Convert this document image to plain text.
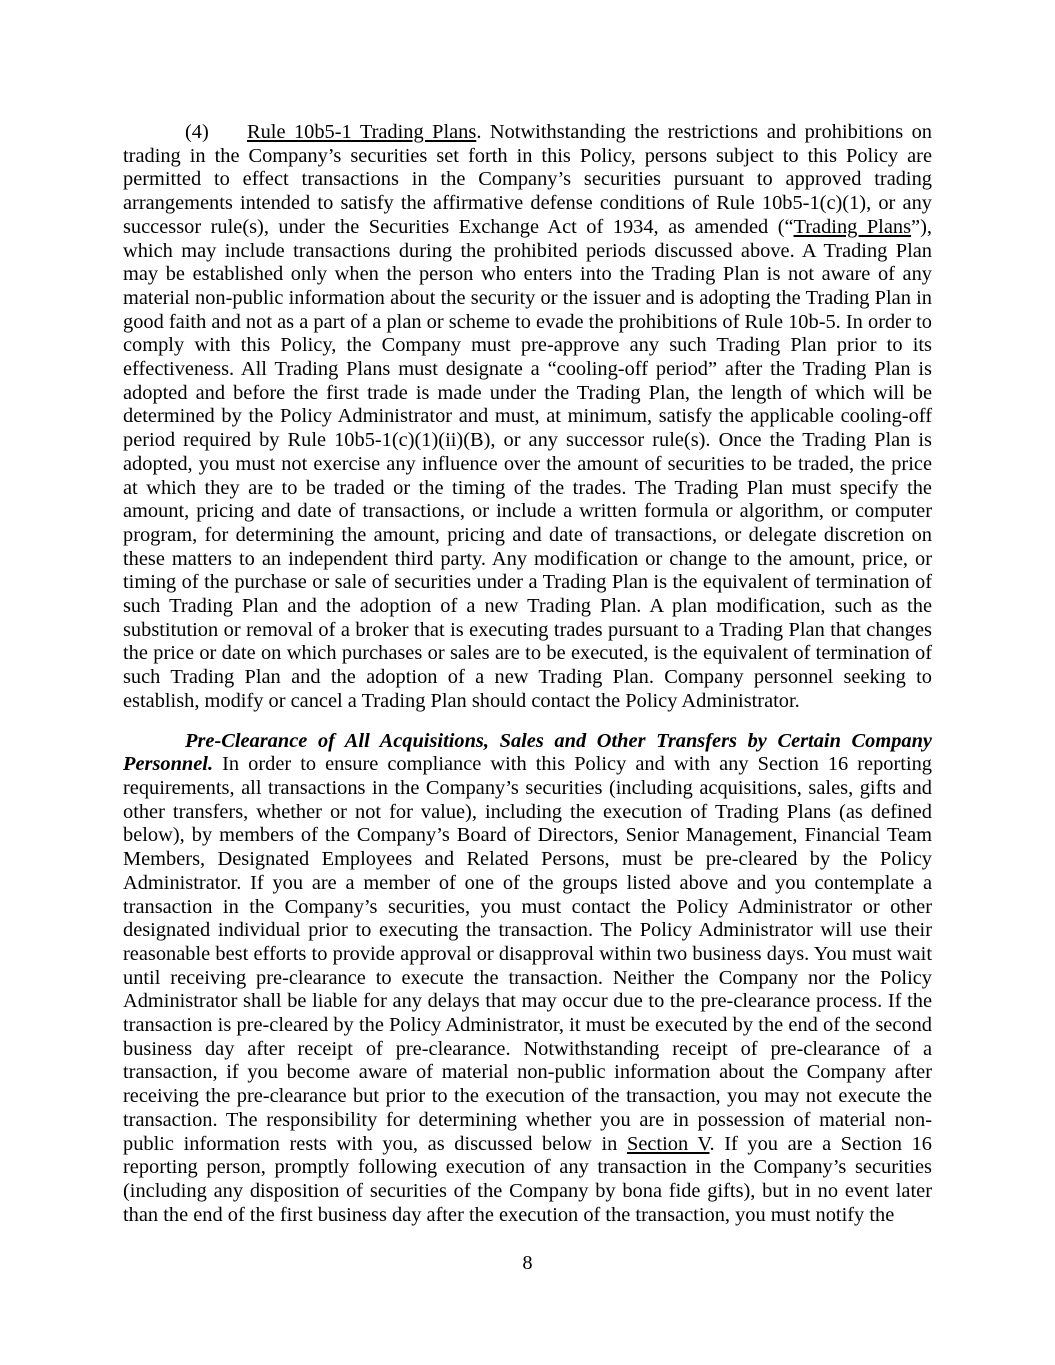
(4) Rule 10b5-1 Trading Plans. Notwithstanding the restrictions and prohibitions on trading in the Company’s securities set forth in this Policy, persons subject to this Policy are permitted to effect transactions in the Company’s securities pursuant to approved trading arrangements intended to satisfy the affirmative defense conditions of Rule 10b5-1(c)(1), or any successor rule(s), under the Securities Exchange Act of 1934, as amended (“Trading Plans”), which may include transactions during the prohibited periods discussed above. A Trading Plan may be established only when the person who enters into the Trading Plan is not aware of any material non-public information about the security or the issuer and is adopting the Trading Plan in good faith and not as a part of a plan or scheme to evade the prohibitions of Rule 10b-5. In order to comply with this Policy, the Company must pre-approve any such Trading Plan prior to its effectiveness. All Trading Plans must designate a “cooling-off period” after the Trading Plan is adopted and before the first trade is made under the Trading Plan, the length of which will be determined by the Policy Administrator and must, at minimum, satisfy the applicable cooling-off period required by Rule 10b5-1(c)(1)(ii)(B), or any successor rule(s). Once the Trading Plan is adopted, you must not exercise any influence over the amount of securities to be traded, the price at which they are to be traded or the timing of the trades. The Trading Plan must specify the amount, pricing and date of transactions, or include a written formula or algorithm, or computer program, for determining the amount, pricing and date of transactions, or delegate discretion on these matters to an independent third party. Any modification or change to the amount, price, or timing of the purchase or sale of securities under a Trading Plan is the equivalent of termination of such Trading Plan and the adoption of a new Trading Plan. A plan modification, such as the substitution or removal of a broker that is executing trades pursuant to a Trading Plan that changes the price or date on which purchases or sales are to be executed, is the equivalent of termination of such Trading Plan and the adoption of a new Trading Plan. Company personnel seeking to establish, modify or cancel a Trading Plan should contact the Policy Administrator.

Pre-Clearance of All Acquisitions, Sales and Other Transfers by Certain Company Personnel. In order to ensure compliance with this Policy and with any Section 16 reporting requirements, all transactions in the Company’s securities (including acquisitions, sales, gifts and other transfers, whether or not for value), including the execution of Trading Plans (as defined below), by members of the Company’s Board of Directors, Senior Management, Financial Team Members, Designated Employees and Related Persons, must be pre-cleared by the Policy Administrator. If you are a member of one of the groups listed above and you contemplate a transaction in the Company’s securities, you must contact the Policy Administrator or other designated individual prior to executing the transaction. The Policy Administrator will use their reasonable best efforts to provide approval or disapproval within two business days. You must wait until receiving pre-clearance to execute the transaction. Neither the Company nor the Policy Administrator shall be liable for any delays that may occur due to the pre-clearance process. If the transaction is pre-cleared by the Policy Administrator, it must be executed by the end of the second business day after receipt of pre-clearance. Notwithstanding receipt of pre-clearance of a transaction, if you become aware of material non-public information about the Company after receiving the pre-clearance but prior to the execution of the transaction, you may not execute the transaction. The responsibility for determining whether you are in possession of material non-public information rests with you, as discussed below in Section V. If you are a Section 16 reporting person, promptly following execution of any transaction in the Company’s securities (including any disposition of securities of the Company by bona fide gifts), but in no event later than the end of the first business day after the execution of the transaction, you must notify the

8
